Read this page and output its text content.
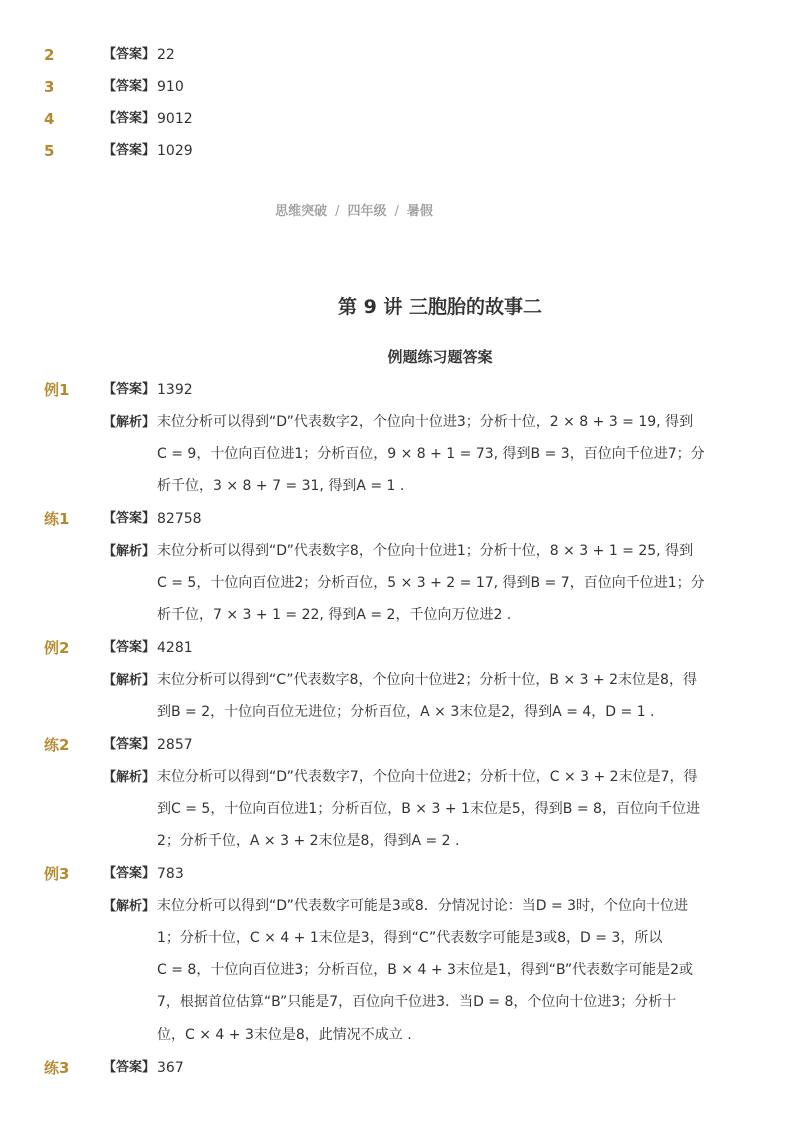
2	【答案】 22
3	【答案】 910
4	【答案】 9012
5	【答案】 1029
思维突破 / 四年级 / 暑假
第 9 讲 三胞胎的故事二
例题练习题答案
例1	【答案】 1392
【解析】 末位分析可以得到“D”代表数字2，个位向十位进3；分析十位，2 × 8 + 3 = 19, 得到
C = 9，十位向百位进1；分析百位，9 × 8 + 1 = 73, 得到B = 3，百位向千位进7；分
析千位，3 × 8 + 7 = 31, 得到A = 1 .
练1	【答案】 82758
【解析】 末位分析可以得到“D”代表数字8，个位向十位进1；分析十位，8 × 3 + 1 = 25, 得到
C = 5，十位向百位进2；分析百位，5 × 3 + 2 = 17, 得到B = 7，百位向千位进1；分
析千位，7 × 3 + 1 = 22, 得到A = 2，千位向万位进2 .
例2	【答案】 4281
【解析】 末位分析可以得到“C”代表数字8，个位向十位进2；分析十位，B × 3 + 2末位是8，得
到B = 2，十位向百位无进位；分析百位，A × 3末位是2，得到A = 4，D = 1 .
练2	【答案】 2857
【解析】 末位分析可以得到“D”代表数字7，个位向十位进2；分析十位，C × 3 + 2末位是7，得
到C = 5，十位向百位进1；分析百位，B × 3 + 1末位是5，得到B = 8，百位向千位进
2；分析千位，A × 3 + 2末位是8，得到A = 2 .
例3	【答案】 783
【解析】 末位分析可以得到“D”代表数字可能是3或8．分情况讨论：当D = 3时，个位向十位进
1；分析十位，C × 4 + 1末位是3，得到“C”代表数字可能是3或8，D = 3，所以
C = 8，十位向百位进3；分析百位，B × 4 + 3末位是1，得到“B”代表数字可能是2或
7，根据首位估算“B”只能是7，百位向千位进3．当D = 8，个位向十位进3；分析十
位，C × 4 + 3末位是8，此情况不成立 .
练3	【答案】 367
